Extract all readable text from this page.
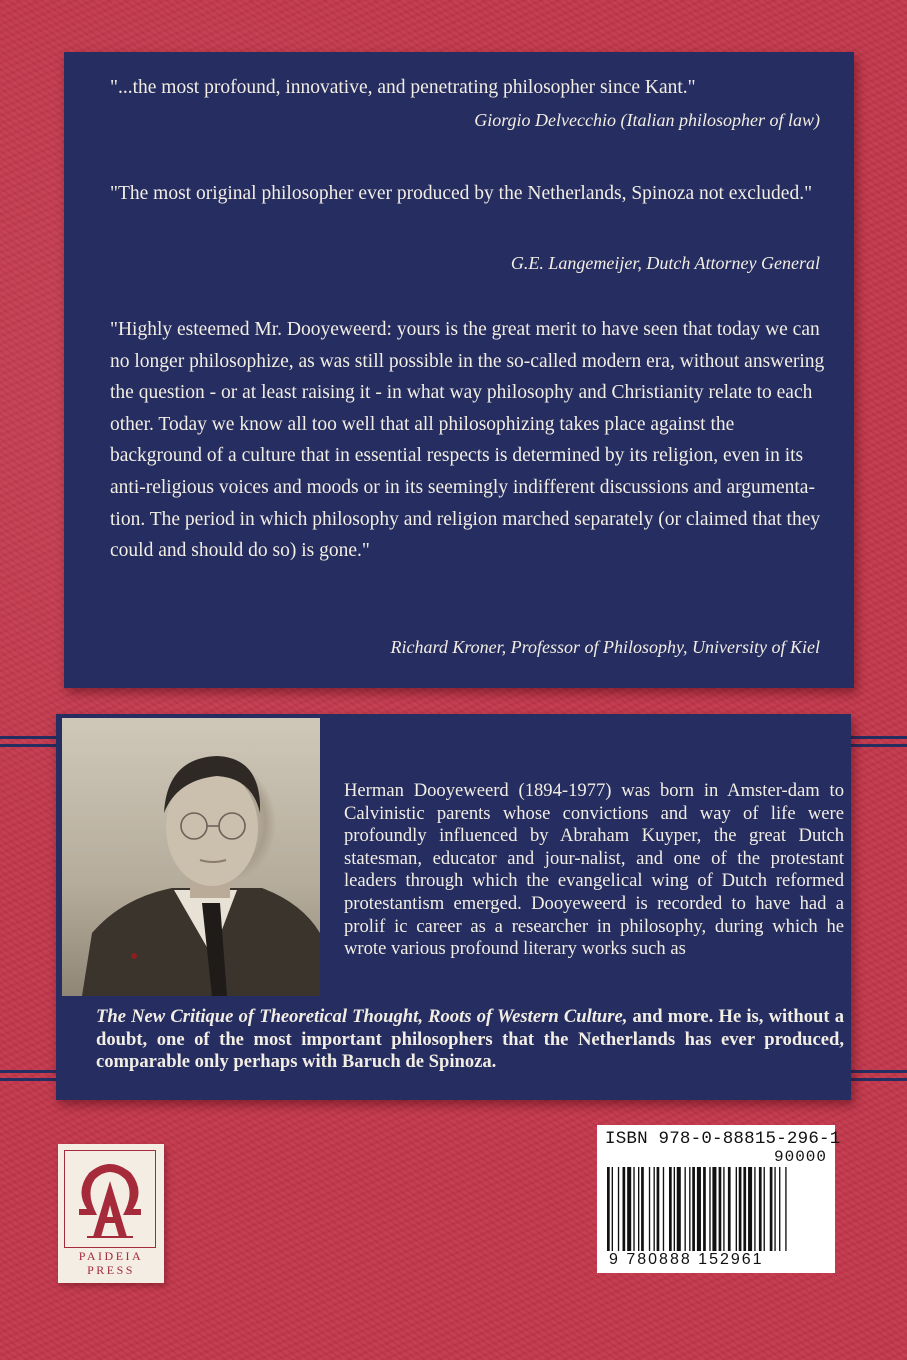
"...the most profound, innovative, and penetrating philosopher since Kant."

Giorgio Delvecchio (Italian philosopher of law)

"The most original philosopher ever produced by the Netherlands, Spinoza not excluded."

G.E. Langemeijer, Dutch Attorney General

"Highly esteemed Mr. Dooyeweerd: yours is the great merit to have seen that today we can no longer philosophize, as was still possible in the so-called modern era, without answering the question - or at least raising it - in what way philosophy and Christianity relate to each other. Today we know all too well that all philosophizing takes place against the background of a culture that in essential respects is determined by its religion, even in its anti-religious voices and moods or in its seemingly indifferent discussions and argumenta-tion. The period in which philosophy and religion marched separately (or claimed that they could and should do so) is gone."

Richard Kroner, Professor of Philosophy, University of Kiel

Herman Dooyeweerd (1894-1977) was born in Amster-dam to Calvinistic parents whose convictions and way of life were profoundly influenced by Abraham Kuyper, the great Dutch statesman, educator and jour-nalist, and one of the protestant leaders through which the evangelical wing of Dutch reformed protestantism emerged. Dooyeweerd is recorded to have had a prolif ic career as a researcher in philosophy, during which he wrote various profound literary works such as

The New Critique of Theoretical Thought, Roots of Western Culture, and more. He is, without a doubt, one of the most important philosophers that the Netherlands has ever produced, comparable only perhaps with Baruch de Spinoza.

PAIDEIA
PRESS
ISBN 978-0-88815-296-1
90000
9 780888 152961
